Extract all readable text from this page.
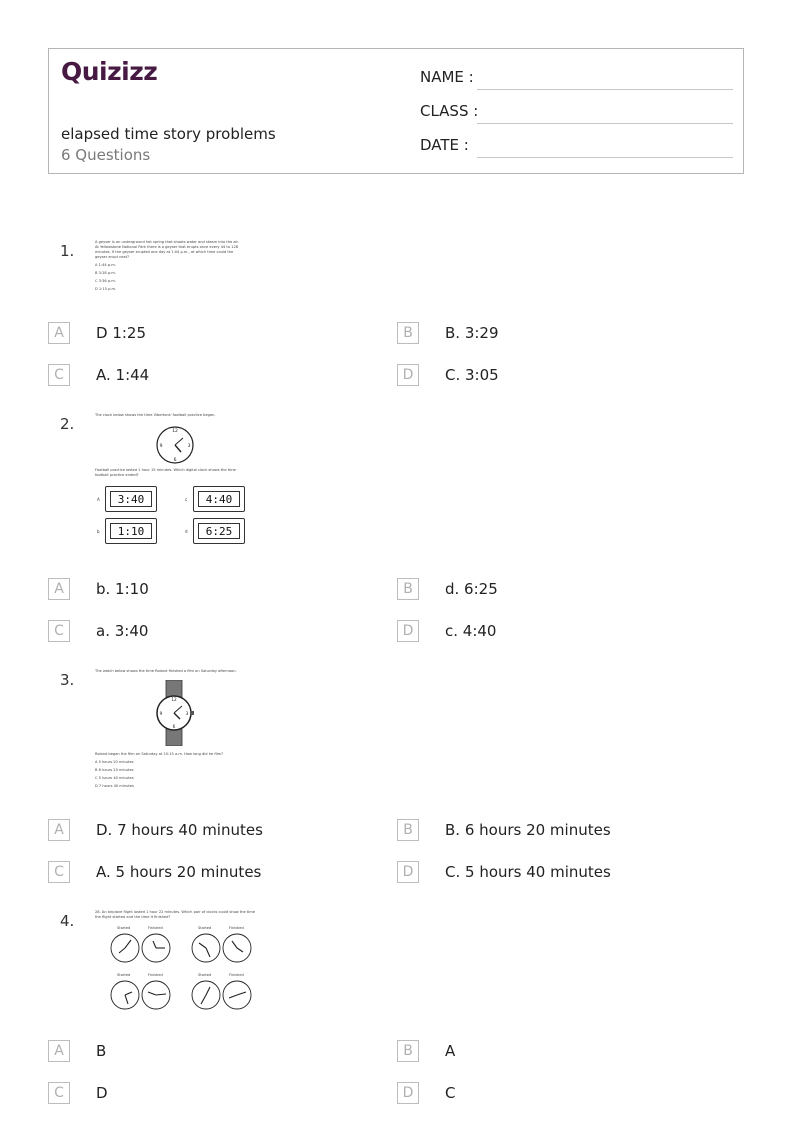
Quizizz
elapsed time story problems
6 Questions
NAME :
CLASS :
DATE :
1.	A geyser is an underground hot spring that shoots water and steam into the air.
At Yellowstone National Park there is a geyser that erupts once every 44 to 128
minutes. If the geyser erupted one day at 1:04 p.m., at which time could the
geyser erupt next?
A 1:44 p.m.
B 3:28 p.m.
C 3:36 p.m.
D 1:15 p.m.
A	D 1:25	B	B. 3:29
C	A. 1:44	D	C. 3:05
2.	The clock below shows the time Vibertons' football practice began.
12
3
6
9
Football practice lasted 1 hour 15 minutes. Which digital clock shows the time
football practice ended?
A	3:40	c	4:40
b	1:10	d	6:25
A	b. 1:10	B	d. 6:25
C	a. 3:40	D	c. 4:40
3.	The watch below shows the time Roland finished a film on Saturday afternoon.
12
3
6
9
Roland began the film on Saturday at 10:15 a.m. How long did he film?
A 5 hours 20 minutes
B 6 hours 20 minutes
C 5 hours 40 minutes
D 7 hours 40 minutes
A	D. 7 hours 40 minutes	B	B. 6 hours 20 minutes
C	A. 5 hours 20 minutes	D	C. 5 hours 40 minutes
4.	28. An airplane flight lasted 1 hour 22 minutes. Which pair of clocks could show the time
the flight started and the time it finished?
Started	Finished	Started	Finished
Started	Finished	Started	Finished
A	B	B	A
C	D	D	C
